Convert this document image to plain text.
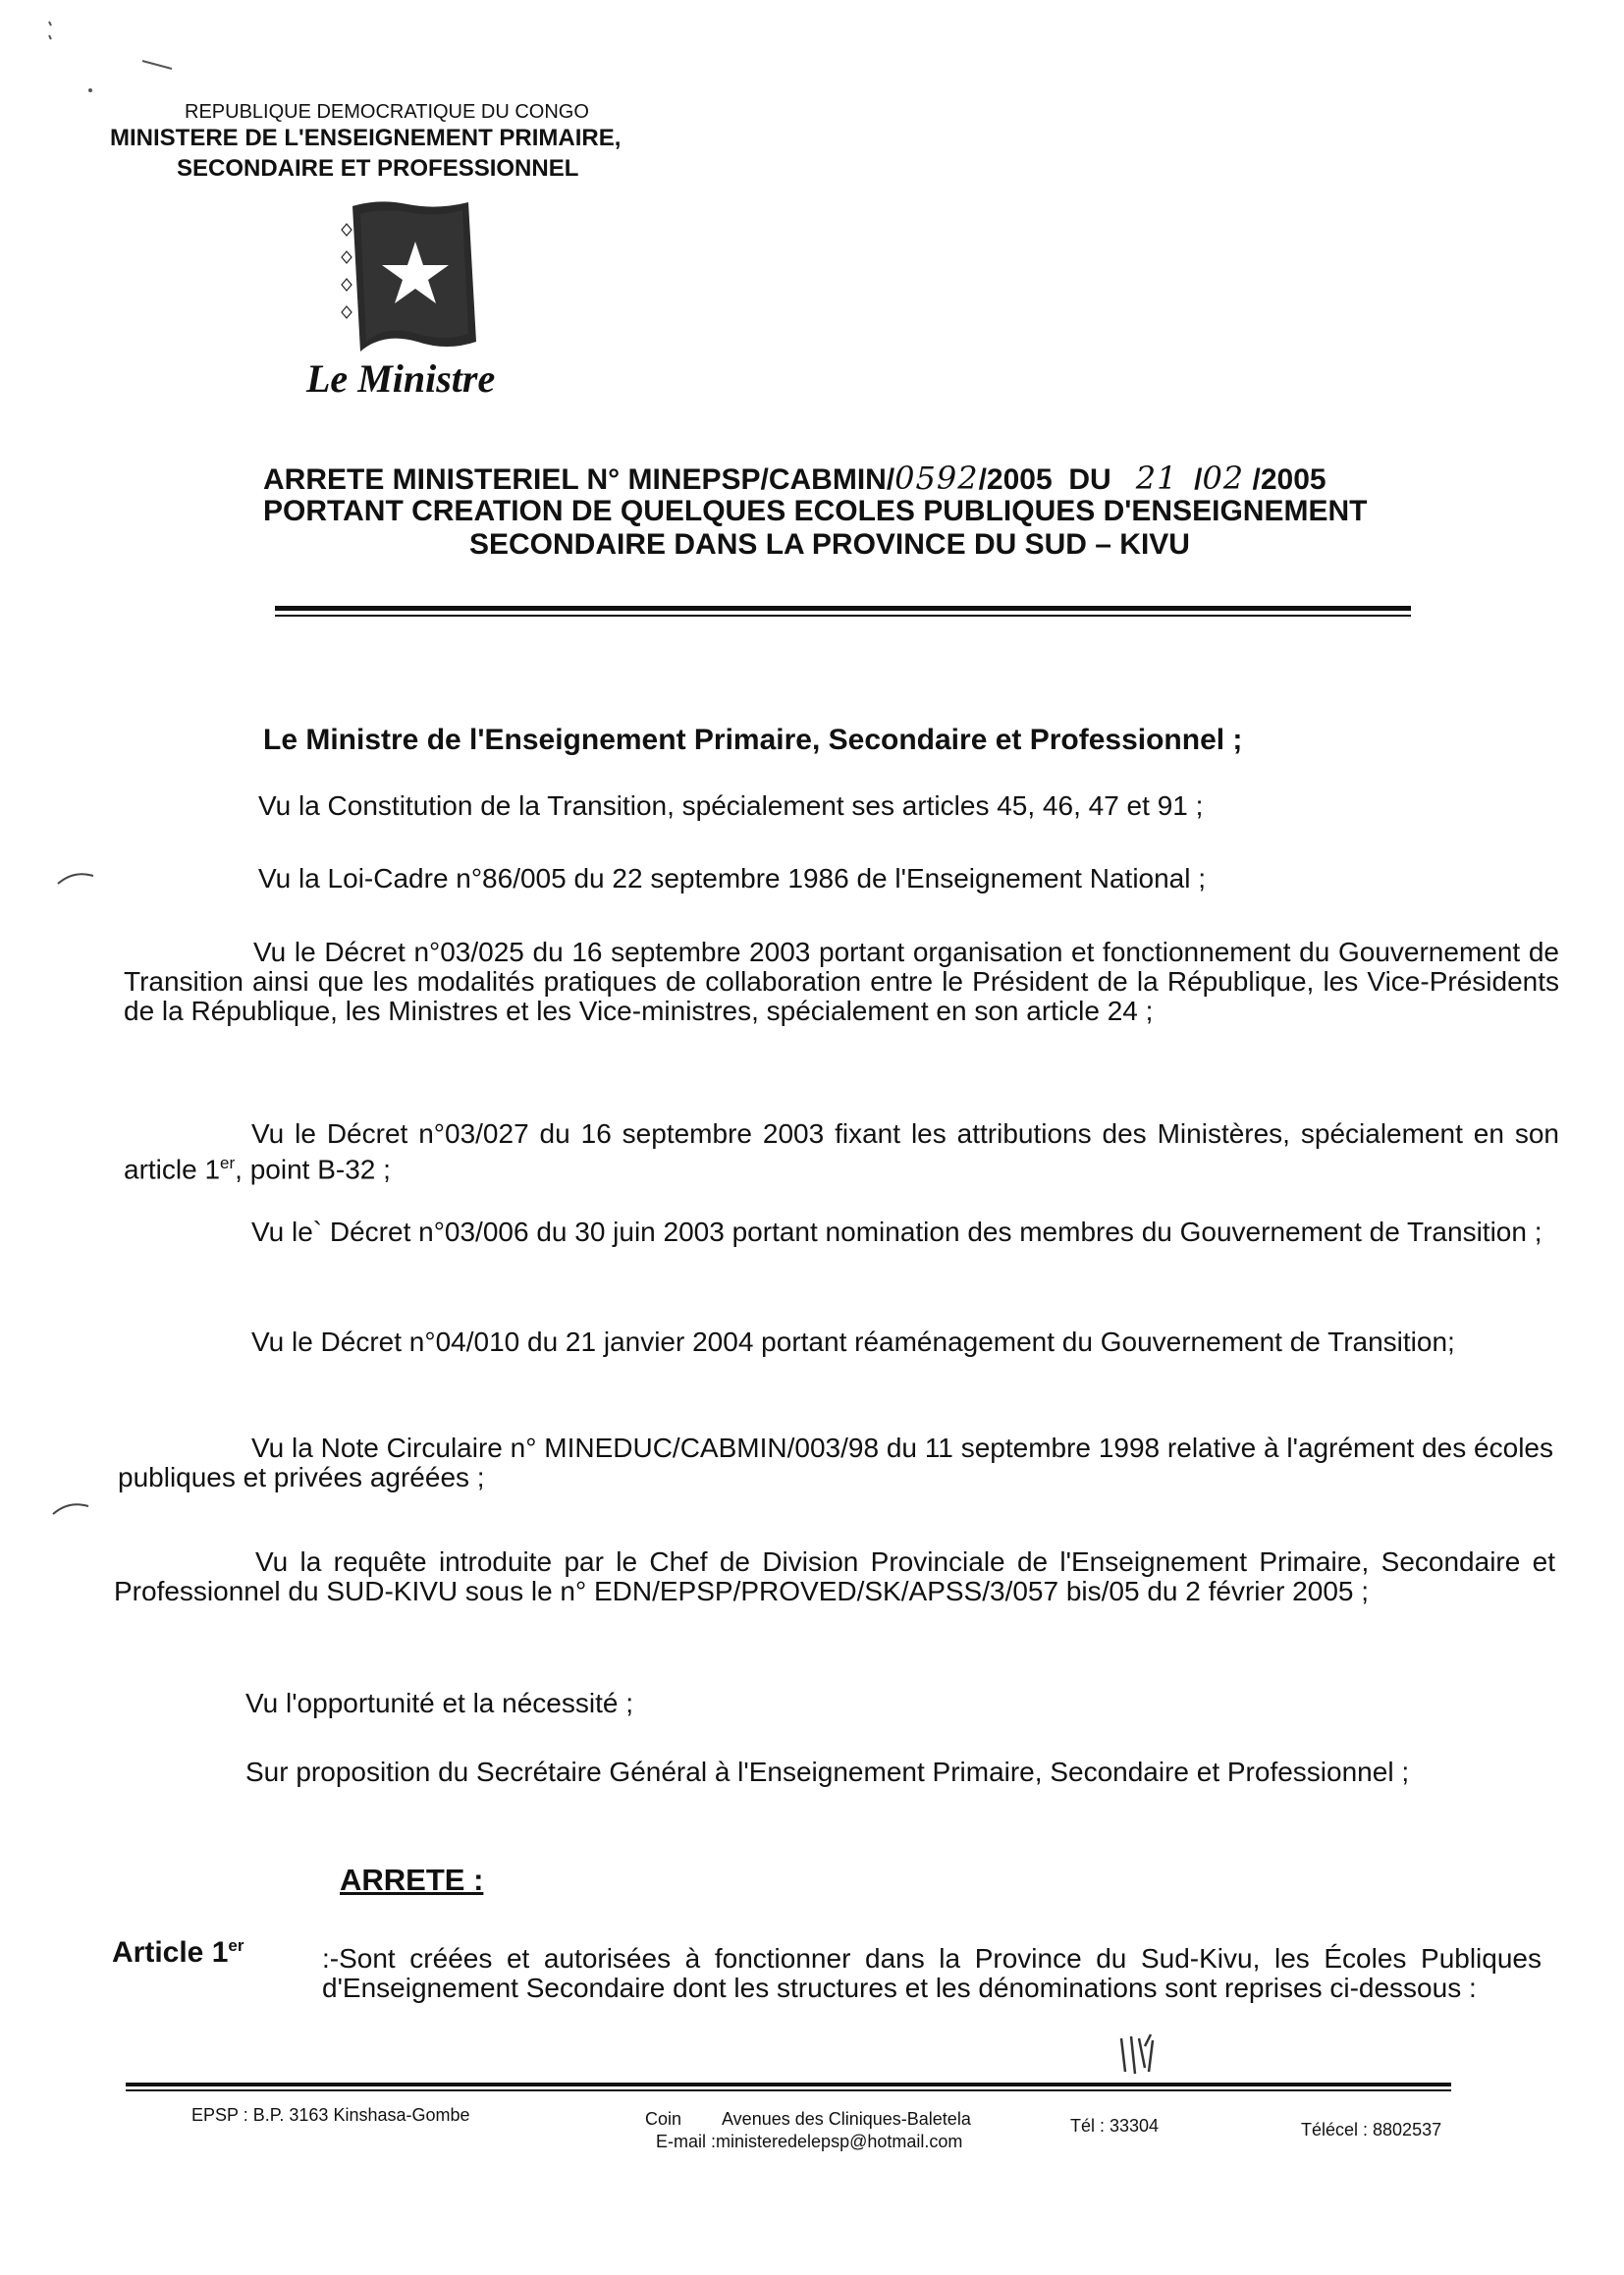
REPUBLIQUE DEMOCRATIQUE DU CONGO
MINISTERE DE L'ENSEIGNEMENT PRIMAIRE,
SECONDAIRE ET PROFESSIONNEL
Le Ministre
ARRETE MINISTERIEL N° MINEPSP/CABMIN/0592/2005 DU 21 /02 /2005
PORTANT CREATION DE QUELQUES ECOLES PUBLIQUES D'ENSEIGNEMENT
SECONDAIRE DANS LA PROVINCE DU SUD – KIVU
Le Ministre de l'Enseignement Primaire, Secondaire et Professionnel ;
Vu la Constitution de la Transition, spécialement ses articles 45, 46, 47 et 91 ;
Vu la Loi-Cadre n°86/005 du 22 septembre 1986 de l'Enseignement National ;
Vu le Décret n°03/025 du 16 septembre 2003 portant organisation et fonctionnement du Gouvernement de Transition ainsi que les modalités pratiques de collaboration entre le Président de la République, les Vice-Présidents de la République, les Ministres et les Vice-ministres, spécialement en son article 24 ;
Vu le Décret n°03/027 du 16 septembre 2003 fixant les attributions des Ministères, spécialement en son article 1er, point B-32 ;
Vu le` Décret n°03/006 du 30 juin 2003 portant nomination des membres du Gouvernement de Transition ;
Vu le Décret n°04/010 du 21 janvier 2004 portant réaménagement du Gouvernement de Transition;
Vu la Note Circulaire n° MINEDUC/CABMIN/003/98 du 11 septembre 1998 relative à l'agrément des écoles publiques et privées agréées ;
Vu la requête introduite par le Chef de Division Provinciale de l'Enseignement Primaire, Secondaire et Professionnel du SUD-KIVU sous le n° EDN/EPSP/PROVED/SK/APSS/3/057 bis/05 du 2 février 2005 ;
Vu l'opportunité et la nécessité ;
Sur proposition du Secrétaire Général à l'Enseignement Primaire, Secondaire et Professionnel ;
ARRETE :
Article 1er	:-Sont créées et autorisées à fonctionner dans la Province du Sud-Kivu, les Écoles Publiques d'Enseignement Secondaire dont les structures et les dénominations sont reprises ci-dessous :
EPSP : B.P. 3163 Kinshasa-Gombe	Coin Avenues des Cliniques-Baletela
E-mail :ministeredelepsp@hotmail.com
Tél : 33304	Télécel : 8802537
